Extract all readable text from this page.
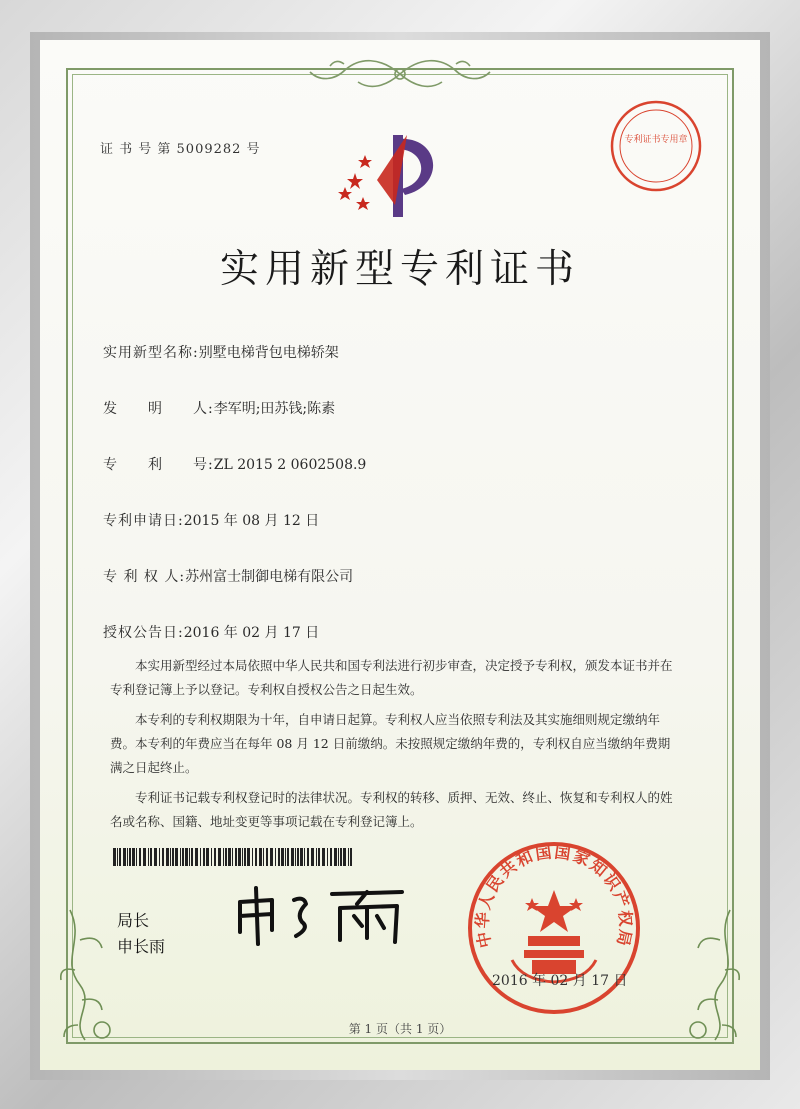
证 书 号 第 5009282 号
专利证书专用章
实用新型专利证书
实用新型名称:别墅电梯背包电梯轿架
发　　明　　人:李军明;田苏钱;陈素
专　　利　　号:ZL 2015 2 0602508.9
专利申请日:2015 年 08 月 12 日
专 利 权 人:苏州富士制御电梯有限公司
授权公告日:2016 年 02 月 17 日

本实用新型经过本局依照中华人民共和国专利法进行初步审查，决定授予专利权，颁发本证书并在专利登记簿上予以登记。专利权自授权公告之日起生效。

本专利的专利权期限为十年，自申请日起算。专利权人应当依照专利法及其实施细则规定缴纳年费。本专利的年费应当在每年 08 月 12 日前缴纳。未按照规定缴纳年费的，专利权自应当缴纳年费期满之日起终止。

专利证书记载专利权登记时的法律状况。专利权的转移、质押、无效、终止、恢复和专利权人的姓名或名称、国籍、地址变更等事项记载在专利登记簿上。

局长
申长雨	中华人民共和国国家知识产权局
2016 年 02 月 17 日
第 1 页（共 1 页）
